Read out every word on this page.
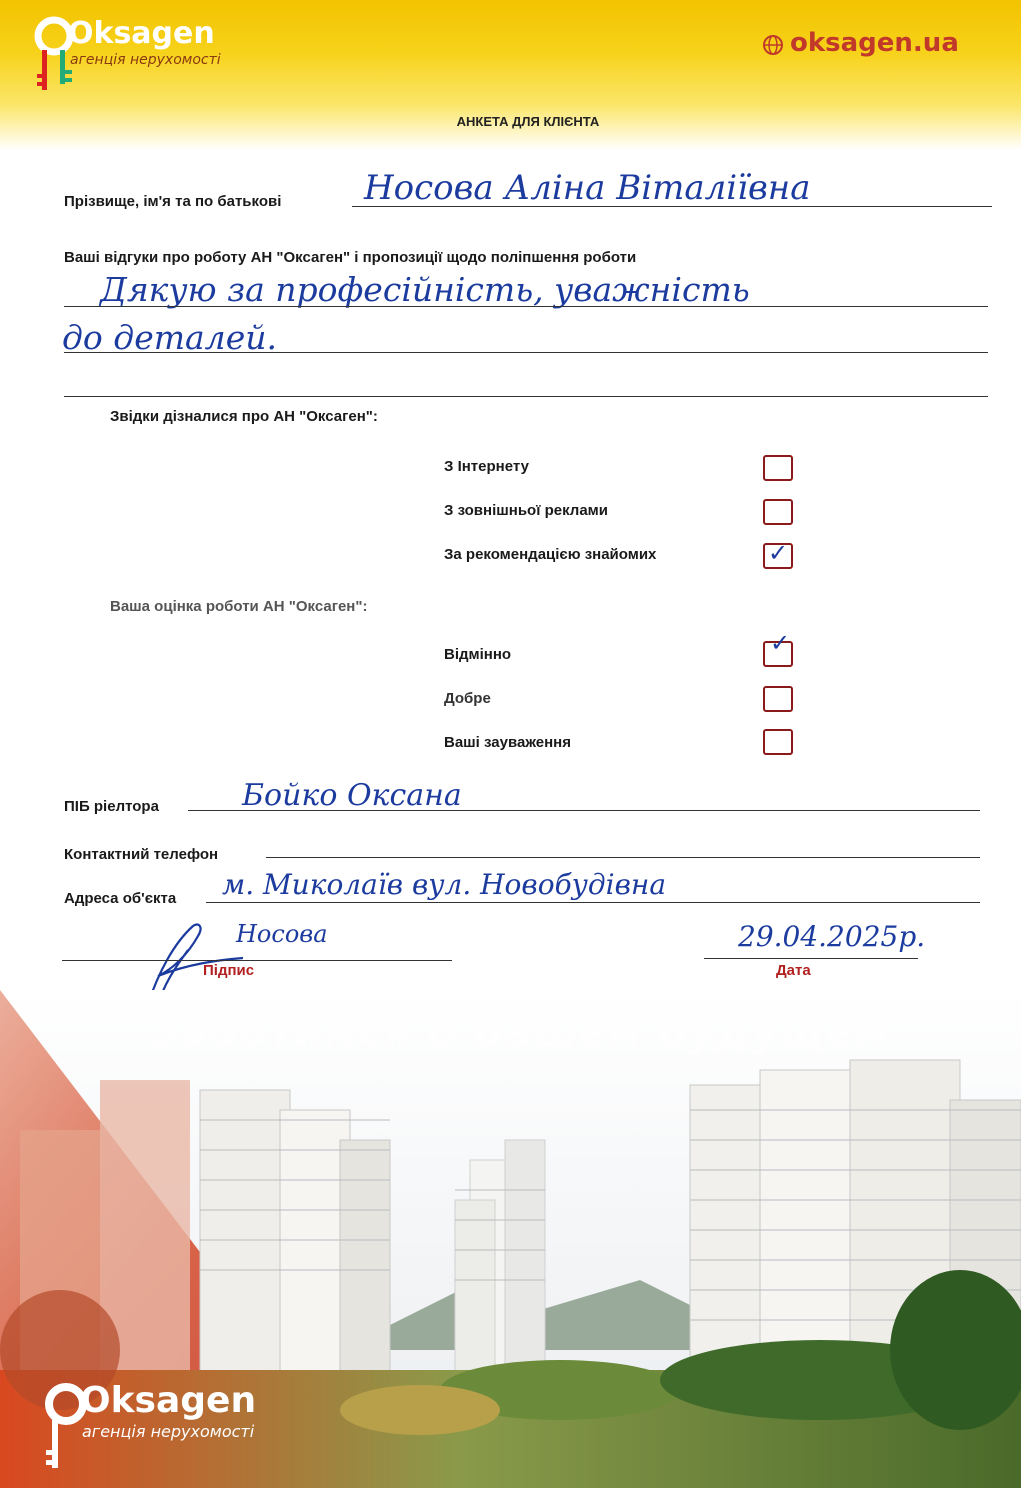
Oksagen
агенція нерухомості
oksagen.ua
АНКЕТА ДЛЯ КЛІЄНТА
Прізвище, ім'я та по батькові Носова Аліна Віталіївна
Ваші відгуки про роботу АН "Оксаген" і пропозиції щодо поліпшення роботи
Дякую за професійність, уважність
до деталей.
Звідки дізналися про АН "Оксаген":
З Інтернету
З зовнішньої реклами
За рекомендацією знайомих	✓
Ваша оцінка роботи АН "Оксаген":
Відмінно	✓
Добре
Ваші зауваження
ПІБ ріелтора	Бойко Оксана
Контактний телефон
Адреса об'єкта м. Миколаїв вул. Новобудівна
Носова
Підпис
29.04.2025р.
Дата
Заботимся о Вашем будущем
Oksagen
агенція нерухомості
